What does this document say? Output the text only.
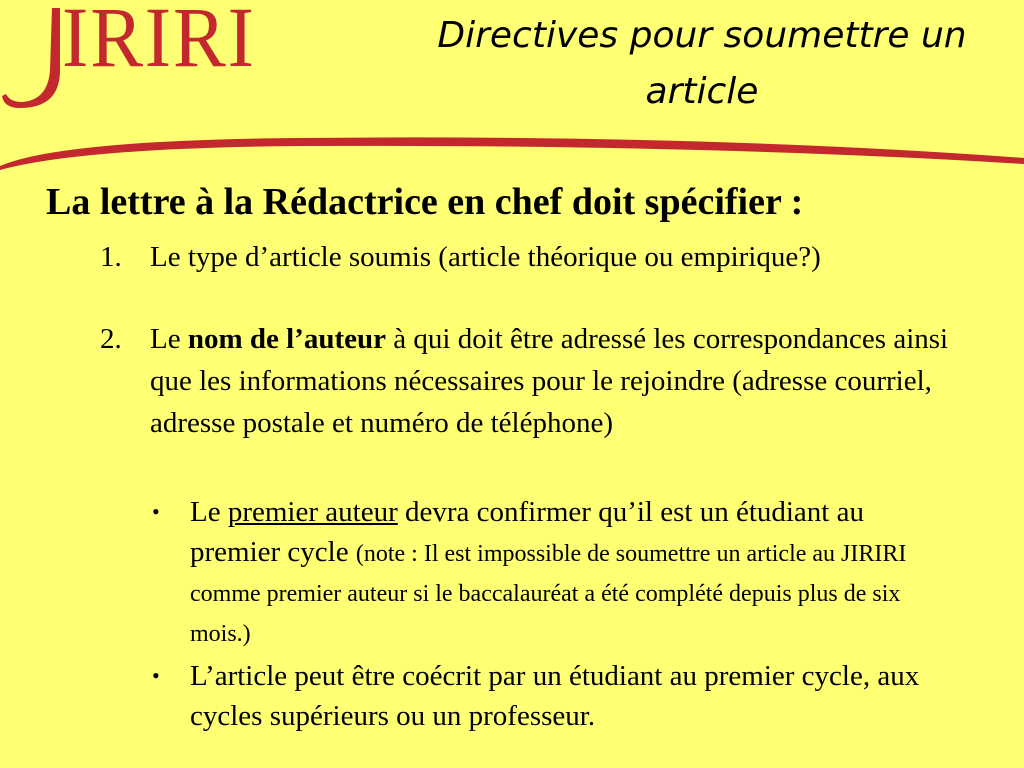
IRIRI	Directives pour soumettre un
article
La lettre à la Rédactrice en chef doit spécifier :
1. Le type d’article soumis (article théorique ou empirique?)
2. Le nom de l’auteur à qui doit être adressé les correspondances ainsi que les informations nécessaires pour le rejoindre (adresse courriel, adresse postale et numéro de téléphone)
•	Le premier auteur devra confirmer qu’il est un étudiant au premier cycle (note : Il est impossible de soumettre un article au JIRIRI comme premier auteur si le baccalauréat a été complété depuis plus de six mois.)
•	L’article peut être coécrit par un étudiant au premier cycle, aux cycles supérieurs ou un professeur.
